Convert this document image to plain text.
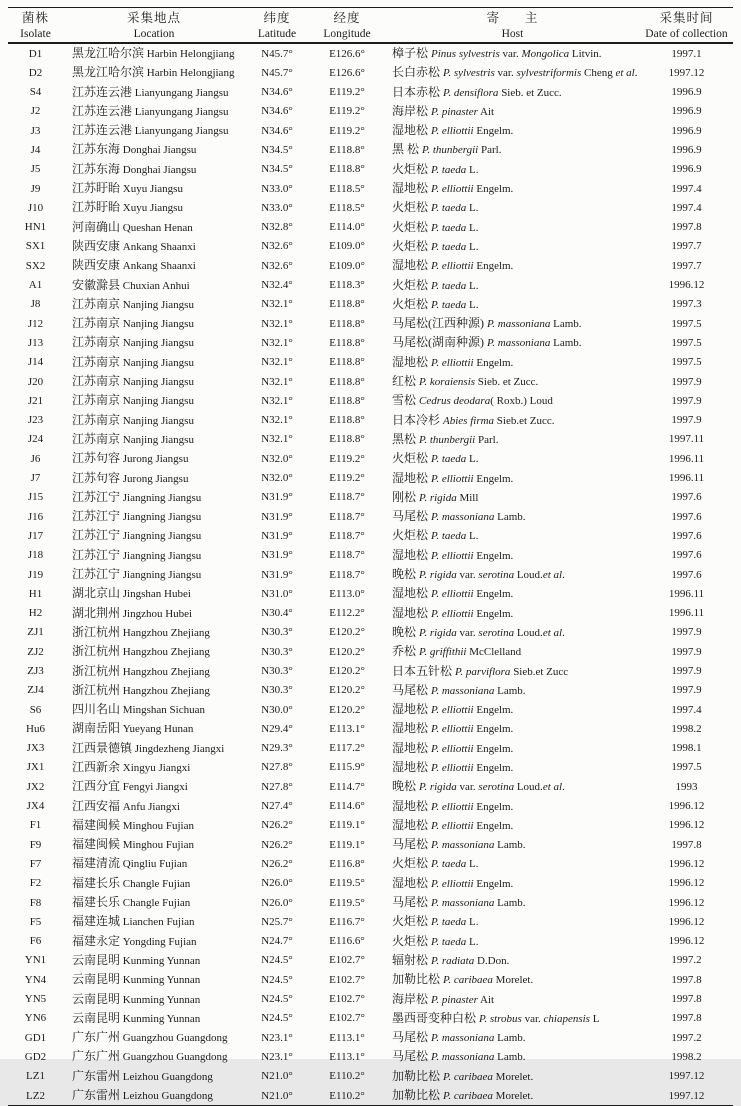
菌株	采集地点	纬度	经度	寄      主	采集时间
Isolate	Location	Latitude	Longitude	Host	Date of collection
D1	黑龙江哈尔滨 Harbin Helongjiang	N45.7°	E126.6°	樟子松 Pinus sylvestris var. Mongolica Litvin.	1997.1
D2	黑龙江哈尔滨 Harbin Helongjiang	N45.7°	E126.6°	长白赤松 P. sylvestris var. sylvestriformis Cheng et al.	1997.12
S4	江苏连云港 Lianyungang Jiangsu	N34.6°	E119.2°	日本赤松 P. densiflora Sieb. et Zucc.	1996.9
J2	江苏连云港 Lianyungang Jiangsu	N34.6°	E119.2°	海岸松 P. pinaster Ait	1996.9
J3	江苏连云港 Lianyungang Jiangsu	N34.6°	E119.2°	湿地松 P. elliottii Engelm.	1996.9
J4	江苏东海 Donghai Jiangsu	N34.5°	E118.8°	黑 松 P. thunbergii Parl.	1996.9
J5	江苏东海 Donghai Jiangsu	N34.5°	E118.8°	火炬松 P. taeda L.	1996.9
J9	江苏盱眙 Xuyu Jiangsu	N33.0°	E118.5°	湿地松 P. elliottii Engelm.	1997.4
J10	江苏盱眙 Xuyu Jiangsu	N33.0°	E118.5°	火炬松 P. taeda L.	1997.4
HN1	河南确山 Queshan Henan	N32.8°	E114.0°	火炬松 P. taeda L.	1997.8
SX1	陕西安康 Ankang Shaanxi	N32.6°	E109.0°	火炬松 P. taeda L.	1997.7
SX2	陕西安康 Ankang Shaanxi	N32.6°	E109.0°	湿地松 P. elliottii Engelm.	1997.7
A1	安徽滁县 Chuxian Anhui	N32.4°	E118.3°	火炬松 P. taeda L.	1996.12
J8	江苏南京 Nanjing Jiangsu	N32.1°	E118.8°	火炬松 P. taeda L.	1997.3
J12	江苏南京 Nanjing Jiangsu	N32.1°	E118.8°	马尾松(江西种源) P. massoniana Lamb.	1997.5
J13	江苏南京 Nanjing Jiangsu	N32.1°	E118.8°	马尾松(湖南种源) P. massoniana Lamb.	1997.5
J14	江苏南京 Nanjing Jiangsu	N32.1°	E118.8°	湿地松 P. elliottii Engelm.	1997.5
J20	江苏南京 Nanjing Jiangsu	N32.1°	E118.8°	红松 P. koraiensis Sieb. et Zucc.	1997.9
J21	江苏南京 Nanjing Jiangsu	N32.1°	E118.8°	雪松 Cedrus deodara( Roxb.) Loud	1997.9
J23	江苏南京 Nanjing Jiangsu	N32.1°	E118.8°	日本冷杉 Abies firma Sieb.et Zucc.	1997.9
J24	江苏南京 Nanjing Jiangsu	N32.1°	E118.8°	黑松 P. thunbergii Parl.	1997.11
J6	江苏句容 Jurong Jiangsu	N32.0°	E119.2°	火炬松 P. taeda L.	1996.11
J7	江苏句容 Jurong Jiangsu	N32.0°	E119.2°	湿地松 P. elliottii Engelm.	1996.11
J15	江苏江宁 Jiangning Jiangsu	N31.9°	E118.7°	刚松 P. rigida Mill	1997.6
J16	江苏江宁 Jiangning Jiangsu	N31.9°	E118.7°	马尾松 P. massoniana Lamb.	1997.6
J17	江苏江宁 Jiangning Jiangsu	N31.9°	E118.7°	火炬松 P. taeda L.	1997.6
J18	江苏江宁 Jiangning Jiangsu	N31.9°	E118.7°	湿地松 P. elliottii Engelm.	1997.6
J19	江苏江宁 Jiangning Jiangsu	N31.9°	E118.7°	晚松 P. rigida var. serotina Loud.et al.	1997.6
H1	湖北京山 Jingshan Hubei	N31.0°	E113.0°	湿地松 P. elliottii Engelm.	1996.11
H2	湖北荆州 Jingzhou Hubei	N30.4°	E112.2°	湿地松 P. elliottii Engelm.	1996.11
ZJ1	浙江杭州 Hangzhou Zhejiang	N30.3°	E120.2°	晚松 P. rigida var. serotina Loud.et al.	1997.9
ZJ2	浙江杭州 Hangzhou Zhejiang	N30.3°	E120.2°	乔松 P. griffithii McClelland	1997.9
ZJ3	浙江杭州 Hangzhou Zhejiang	N30.3°	E120.2°	日本五针松 P. parviflora Sieb.et Zucc	1997.9
ZJ4	浙江杭州 Hangzhou Zhejiang	N30.3°	E120.2°	马尾松 P. massoniana Lamb.	1997.9
S6	四川名山 Mingshan Sichuan	N30.0°	E120.2°	湿地松 P. elliottii Engelm.	1997.4
Hu6	湖南岳阳 Yueyang Hunan	N29.4°	E113.1°	湿地松 P. elliottii Engelm.	1998.2
JX3	江西景德镇 Jingdezheng Jiangxi	N29.3°	E117.2°	湿地松 P. elliottii Engelm.	1998.1
JX1	江西新余 Xingyu Jiangxi	N27.8°	E115.9°	湿地松 P. elliottii Engelm.	1997.5
JX2	江西分宜 Fengyi Jiangxi	N27.8°	E114.7°	晚松 P. rigida var. serotina Loud.et al.	1993
JX4	江西安福 Anfu Jiangxi	N27.4°	E114.6°	湿地松 P. elliottii Engelm.	1996.12
F1	福建闽候 Minghou Fujian	N26.2°	E119.1°	湿地松 P. elliottii Engelm.	1996.12
F9	福建闽候 Minghou Fujian	N26.2°	E119.1°	马尾松 P. massoniana Lamb.	1997.8
F7	福建清流 Qingliu Fujian	N26.2°	E116.8°	火炬松 P. taeda L.	1996.12
F2	福建长乐 Changle Fujian	N26.0°	E119.5°	湿地松 P. elliottii Engelm.	1996.12
F8	福建长乐 Changle Fujian	N26.0°	E119.5°	马尾松 P. massoniana Lamb.	1996.12
F5	福建连城 Lianchen Fujian	N25.7°	E116.7°	火炬松 P. taeda L.	1996.12
F6	福建永定 Yongding Fujian	N24.7°	E116.6°	火炬松 P. taeda L.	1996.12
YN1	云南昆明 Kunming Yunnan	N24.5°	E102.7°	辐射松 P. radiata D.Don.	1997.2
YN4	云南昆明 Kunming Yunnan	N24.5°	E102.7°	加勒比松 P. caribaea Morelet.	1997.8
YN5	云南昆明 Kunming Yunnan	N24.5°	E102.7°	海岸松 P. pinaster Ait	1997.8
YN6	云南昆明 Kunming Yunnan	N24.5°	E102.7°	墨西哥变种白松 P. strobus var. chiapensis L	1997.8
GD1	广东广州 Guangzhou Guangdong	N23.1°	E113.1°	马尾松 P. massoniana Lamb.	1997.2
GD2	广东广州 Guangzhou Guangdong	N23.1°	E113.1°	马尾松 P. massoniana Lamb.	1998.2
LZ1	广东雷州 Leizhou Guangdong	N21.0°	E110.2°	加勒比松 P. caribaea Morelet.	1997.12
LZ2	广东雷州 Leizhou Guangdong	N21.0°	E110.2°	加勒比松 P. caribaea Morelet.	1997.12
